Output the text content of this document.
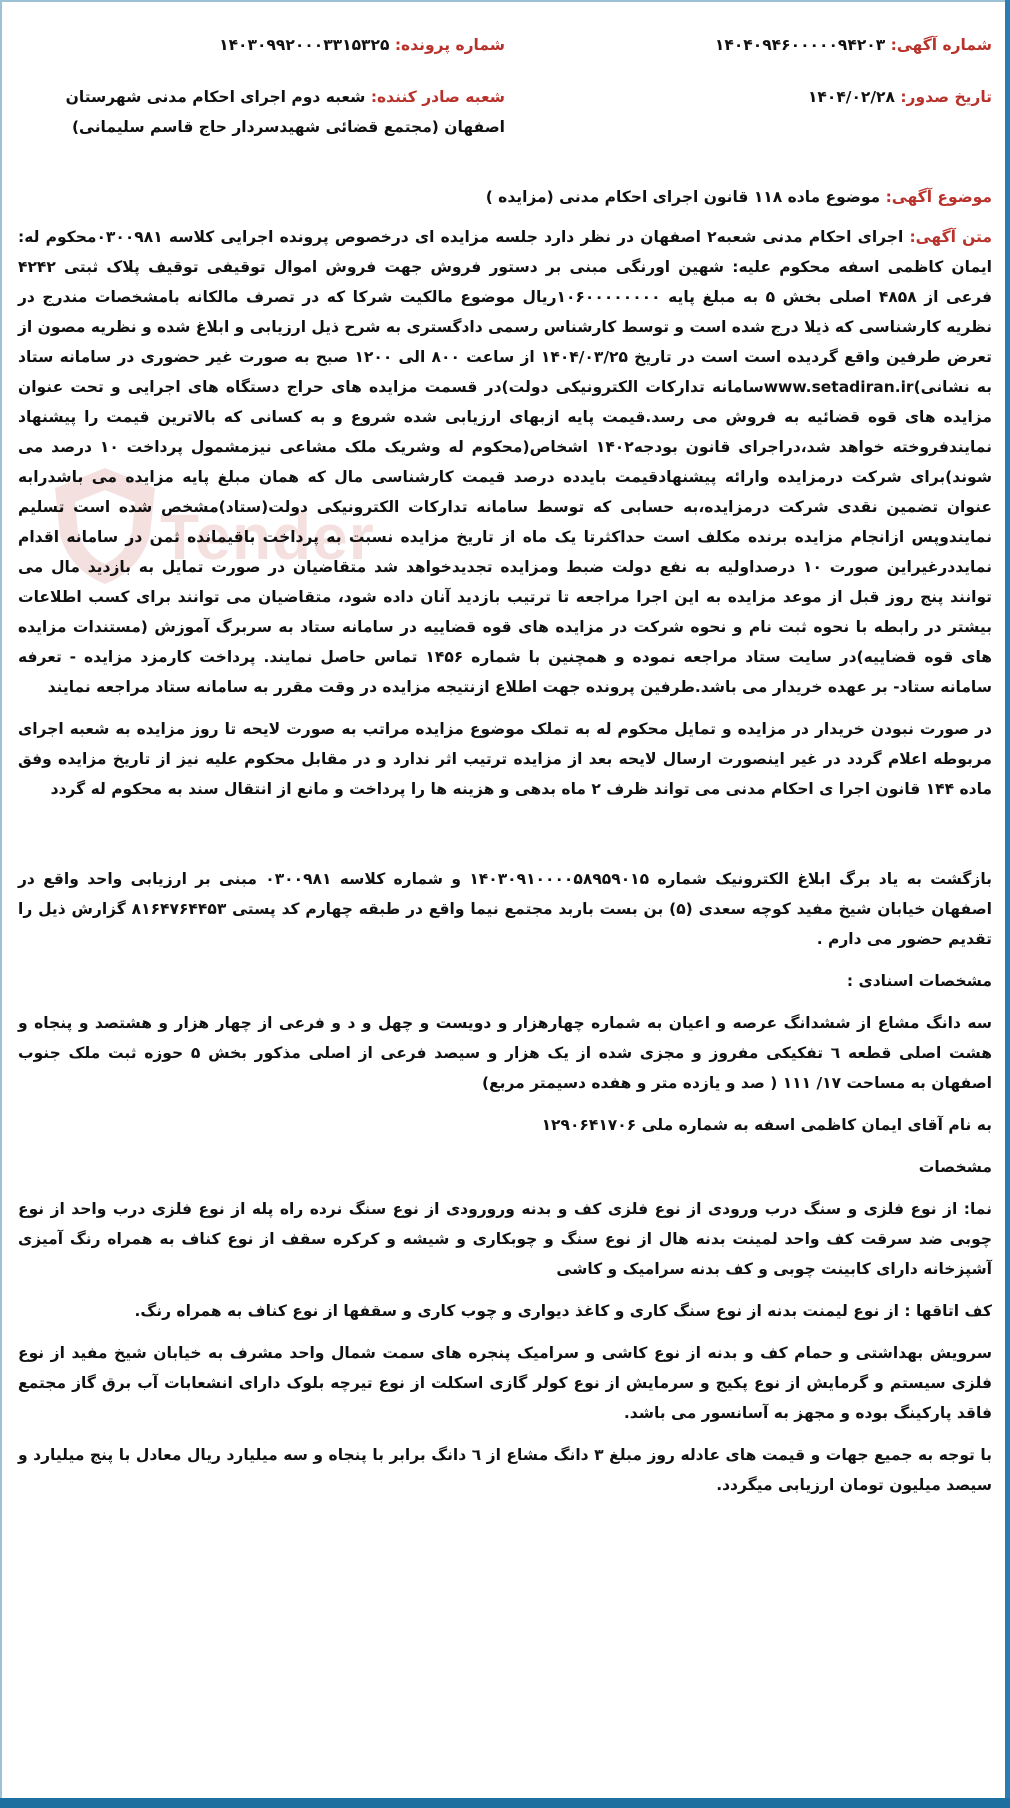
Tender
شماره آگهی: ۱۴۰۴۰۹۴۶۰۰۰۰۰۹۴۲۰۳
شماره پرونده: ۱۴۰۳۰۹۹۲۰۰۰۳۳۱۵۳۲۵
تاریخ صدور: ۱۴۰۴/۰۲/۲۸
شعبه صادر کننده: شعبه دوم اجرای احکام مدنی شهرستان اصفهان (مجتمع قضائی شهیدسردار حاج قاسم سلیمانی)
موضوع آگهی: موضوع ماده ۱۱۸ قانون اجرای احکام مدنی (مزایده )

متن آگهی: اجرای احکام مدنی شعبه۲ اصفهان در نظر دارد جلسه مزایده ای درخصوص پرونده اجرایی کلاسه ۰۳۰۰۹۸۱محکوم له: ایمان کاظمی اسفه محکوم علیه: شهین اورنگی مبنی بر دستور فروش جهت فروش اموال توقیفی توقیف پلاک ثبتی ۴۲۴۲ فرعی از ۴۸۵۸ اصلی بخش ۵ به مبلغ پایه ۱۰۶۰۰۰۰۰۰۰۰ریال موضوع مالکیت شرکا که در تصرف مالکانه بامشخصات مندرج در نظریه کارشناسی که ذیلا درج شده است و توسط کارشناس رسمی دادگستری به شرح ذیل ارزیابی و ابلاغ شده و نظریه مصون از تعرض طرفین واقع گردیده است است در تاریخ ۱۴۰۴/۰۳/۲۵ از ساعت ۸۰۰ الی ۱۲۰۰ صبح به صورت غیر حضوری در سامانه ستاد به نشانی)www.setadiran.irسامانه تدارکات الکترونیکی دولت)در قسمت مزایده های حراج دستگاه های اجرایی و تحت عنوان مزایده های قوه قضائیه به فروش می رسد.قیمت پایه ازبهای ارزیابی شده شروع و به کسانی که بالاترین قیمت را پیشنهاد نمایندفروخته خواهد شد،دراجرای قانون بودجه۱۴۰۲ اشخاص(محکوم له وشریک ملک مشاعی نیزمشمول پرداخت ۱۰ درصد می شوند)برای شرکت درمزایده وارائه پیشنهادقیمت بایدده درصد قیمت کارشناسی مال که همان مبلغ پایه مزایده می باشدرابه عنوان تضمین نقدی شرکت درمزایده،به حسابی که توسط سامانه تدارکات الکترونیکی دولت(ستاد)مشخص شده است تسلیم نمایندوپس ازانجام مزایده برنده مکلف است حداکثرتا یک ماه از تاریخ مزایده نسبت به پرداخت باقیمانده ثمن در سامانه اقدام نمایددرغیراین صورت ۱۰ درصداولیه به نفع دولت ضبط ومزایده تجدیدخواهد شد متقاضیان در صورت تمایل به بازدید مال می توانند پنج روز قبل از موعد مزایده به این اجرا مراجعه تا ترتیب بازدید آنان داده شود، متقاضیان می توانند برای کسب اطلاعات بیشتر در رابطه با نحوه ثبت نام و نحوه شرکت در مزایده های قوه قضاییه در سامانه ستاد به سربرگ آموزش (مستندات مزایده های قوه قضاییه)در سایت ستاد مراجعه نموده و همچنین با شماره ۱۴۵۶ تماس حاصل نمایند. پرداخت کارمزد مزایده - تعرفه سامانه ستاد- بر عهده خریدار می باشد.طرفین پرونده جهت اطلاع ازنتیجه مزایده در وقت مقرر به سامانه ستاد مراجعه نمایند

در صورت نبودن خریدار در مزایده و تمایل محکوم له به تملک موضوع مزایده مراتب به صورت لایحه تا روز مزایده به شعبه اجرای مربوطه اعلام گردد در غیر اینصورت ارسال لایحه بعد از مزایده ترتیب اثر ندارد و در مقابل محکوم علیه نیز از تاریخ مزایده وفق ماده ۱۴۴ قانون اجرا ی احکام مدنی می تواند ظرف ۲ ماه بدهی و هزینه ها را پرداخت و مانع از انتقال سند به محکوم له گردد

بازگشت به یاد برگ ابلاغ الکترونیک شماره ۱۴۰۳۰۹۱۰۰۰۰۵۸۹۵۹۰۱۵ و شماره کلاسه ۰۳۰۰۹۸۱ مبنی بر ارزیابی واحد واقع در اصفهان خیابان شیخ مفید کوچه سعدی (۵) بن بست باربد مجتمع نیما واقع در طبقه چهارم کد پستی ۸۱۶۴۷۶۴۴۵۳ گزارش ذیل را تقدیم حضور می دارم .

مشخصات اسنادی :

سه دانگ مشاع از ششدانگ عرصه و اعیان به شماره چهارهزار و دویست و چهل و د و فرعی از چهار هزار و هشتصد و پنجاه و هشت اصلی قطعه ٦ تفکیکی مفروز و مجزی شده از یک هزار و سیصد فرعی از اصلی مذکور بخش ۵ حوزه ثبت ملک جنوب اصفهان به مساحت ۱۷/ ۱۱۱ ( صد و یازده متر و هفده دسیمتر مربع)

به نام آقای ایمان کاظمی اسفه به شماره ملی ۱۲۹۰۶۴۱۷۰۶

مشخصات

نما: از نوع فلزی و سنگ درب ورودی از نوع فلزی کف و بدنه ورورودی از نوع سنگ نرده راه پله از نوع فلزی درب واحد از نوع چوبی ضد سرقت کف واحد لمینت بدنه هال از نوع سنگ و چوبکاری و شیشه و کرکره سقف از نوع کناف به همراه رنگ آمیزی آشپزخانه دارای کابینت چوبی و کف بدنه سرامیک و کاشی

کف اتاقها : از نوع لیمنت بدنه از نوع سنگ کاری و کاغذ دیواری و چوب کاری و سقفها از نوع کناف به همراه رنگ.

سرویش بهداشتی و حمام کف و بدنه از نوع کاشی و سرامیک پنجره های سمت شمال واحد مشرف به خیابان شیخ مفید از نوع فلزی سیستم و گرمایش از نوع پکیج و سرمایش از نوع کولر گازی اسکلت از نوع تیرچه بلوک دارای انشعابات آب برق گاز مجتمع فاقد پارکینگ بوده و مجهز به آسانسور می باشد.

با توجه به جمیع جهات و قیمت های عادله روز مبلغ ۳ دانگ مشاع از ٦ دانگ برابر با پنجاه و سه میلیارد ریال معادل با پنج میلیارد و سیصد میلیون تومان ارزیابی میگردد.
